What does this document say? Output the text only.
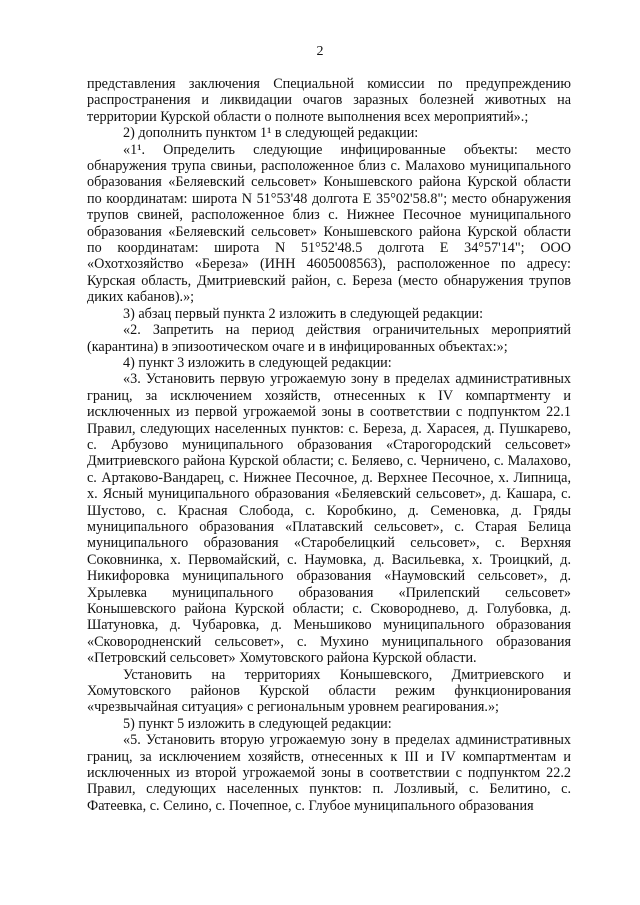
2

представления заключения Специальной комиссии по предупреждению распространения и ликвидации очагов заразных болезней животных на территории Курской области о полноте выполнения всех мероприятий».;

2) дополнить пунктом 1¹ в следующей редакции:

«1¹. Определить следующие инфицированные объекты: место обнаружения трупа свиньи, расположенное близ с. Малахово муниципального образования «Беляевский сельсовет» Конышевского района Курской области по координатам: широта N 51°53'48 долгота E 35°02'58.8"; место обнаружения трупов свиней, расположенное близ с. Нижнее Песочное муниципального образования «Беляевский сельсовет» Конышевского района Курской области по координатам: широта N 51°52'48.5 долгота E 34°57'14"; ООО «Охотхозяйство «Береза» (ИНН 4605008563), расположенное по адресу: Курская область, Дмитриевский район, с. Береза (место обнаружения трупов диких кабанов).»;

3) абзац первый пункта 2 изложить в следующей редакции:

«2. Запретить на период действия ограничительных мероприятий (карантина) в эпизоотическом очаге и в инфицированных объектах:»;

4) пункт 3 изложить в следующей редакции:

«3. Установить первую угрожаемую зону в пределах административных границ, за исключением хозяйств, отнесенных к IV компартменту и исключенных из первой угрожаемой зоны в соответствии с подпунктом 22.1 Правил, следующих населенных пунктов: с. Береза, д. Харасея, д. Пушкарево, с. Арбузово муниципального образования «Старогородский сельсовет» Дмитриевского района Курской области; с. Беляево, с. Черничено, с. Малахово, с. Артаково-Вандарец, с. Нижнее Песочное, д. Верхнее Песочное, х. Липница, х. Ясный муниципального образования «Беляевский сельсовет», д. Кашара, с. Шустово, с. Красная Слобода, с. Коробкино, д. Семеновка, д. Гряды муниципального образования «Платавский сельсовет», с. Старая Белица муниципального образования «Старобелицкий сельсовет», с. Верхняя Соковнинка, х. Первомайский, с. Наумовка, д. Васильевка, х. Троицкий, д. Никифоровка муниципального образования «Наумовский сельсовет», д. Хрылевка муниципального образования «Прилепский сельсовет» Конышевского района Курской области; с. Сковороднево, д. Голубовка, д. Шатуновка, д. Чубаровка, д. Меньшиково муниципального образования «Сковородненский сельсовет», с. Мухино муниципального образования «Петровский сельсовет» Хомутовского района Курской области.

Установить на территориях Конышевского, Дмитриевского и Хомутовского районов Курской области режим функционирования «чрезвычайная ситуация» с региональным уровнем реагирования.»;

5) пункт 5 изложить в следующей редакции:

«5. Установить вторую угрожаемую зону в пределах административных границ, за исключением хозяйств, отнесенных к III и IV компартментам и исключенных из второй угрожаемой зоны в соответствии с подпунктом 22.2 Правил, следующих населенных пунктов: п. Лозливый, с. Белитино, с. Фатеевка, с. Селино, с. Почепное, с. Глубое муниципального образования
